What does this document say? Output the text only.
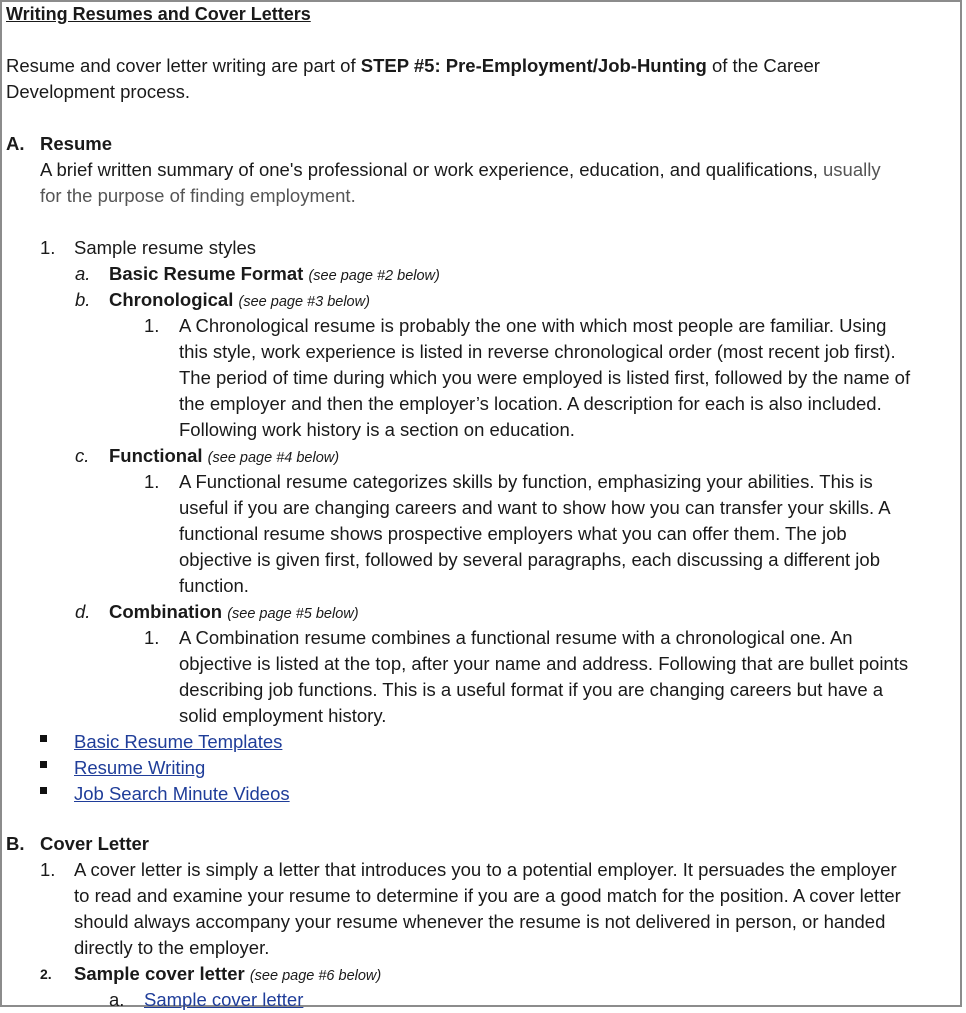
Writing Resumes and Cover Letters
Resume and cover letter writing are part of STEP #5: Pre-Employment/Job-Hunting of the Career
Development process.
A. Resume
A brief written summary of one's professional or work experience, education, and qualifications, usually
for the purpose of finding employment.
1. Sample resume styles
a. Basic Resume Format (see page #2 below)
b. Chronological (see page #3 below)
1. A Chronological resume is probably the one with which most people are familiar. Using
this style, work experience is listed in reverse chronological order (most recent job first).
The period of time during which you were employed is listed first, followed by the name of
the employer and then the employer’s location. A description for each is also included.
Following work history is a section on education.
c. Functional (see page #4 below)
1. A Functional resume categorizes skills by function, emphasizing your abilities. This is
useful if you are changing careers and want to show how you can transfer your skills. A
functional resume shows prospective employers what you can offer them. The job
objective is given first, followed by several paragraphs, each discussing a different job
function.
d. Combination (see page #5 below)
1. A Combination resume combines a functional resume with a chronological one. An
objective is listed at the top, after your name and address. Following that are bullet points
describing job functions. This is a useful format if you are changing careers but have a
solid employment history.
Basic Resume Templates
Resume Writing
Job Search Minute Videos
B. Cover Letter
1. A cover letter is simply a letter that introduces you to a potential employer. It persuades the employer
to read and examine your resume to determine if you are a good match for the position. A cover letter
should always accompany your resume whenever the resume is not delivered in person, or handed
directly to the employer.
2. Sample cover letter (see page #6 below)
a. Sample cover letter
